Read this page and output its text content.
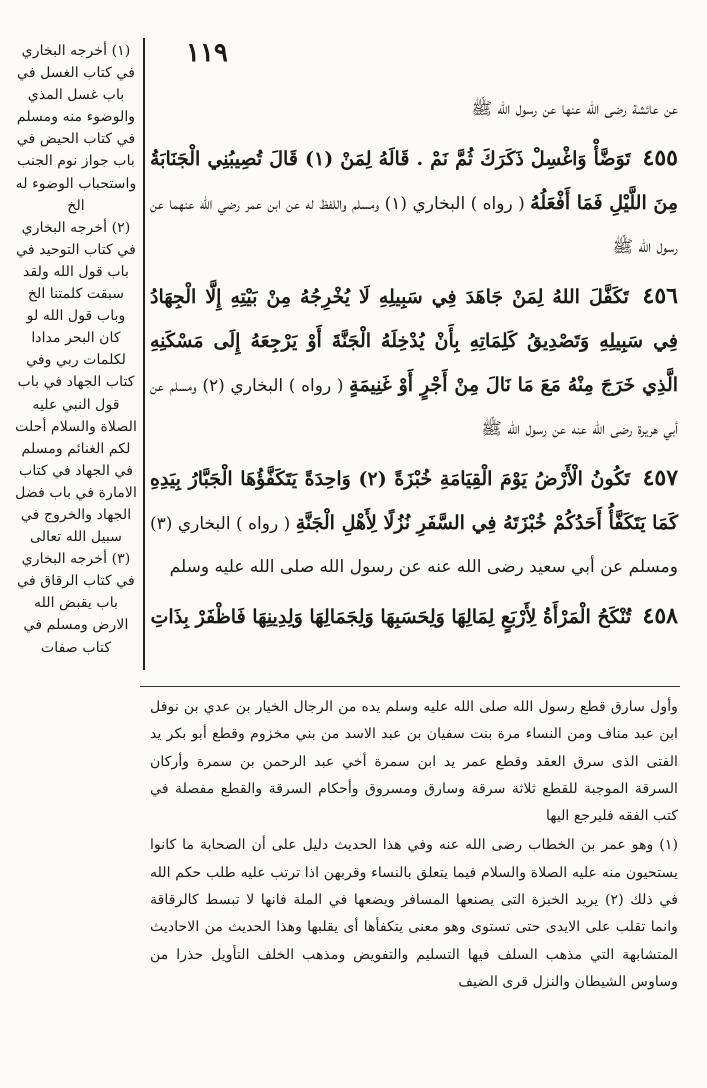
١١٩

(١) أخرجه البخاري في كتاب الغسل في باب غسل المذي والوضوء منه ومسلم في كتاب الحيض في باب جواز نوم الجنب واستحباب الوضوء له الخ

(٢) أخرجه البخاري في كتاب التوحيد في باب قول الله ولقد سبقت كلمتنا الخ وباب قول الله لو كان البحر مدادا لكلمات ربي وفي كتاب الجهاد في باب قول النبي عليه الصلاة والسلام أحلت لكم الغنائم ومسلم في الجهاد في كتاب الامارة في باب فضل الجهاد والخروج في سبيل الله تعالى

(٣) أخرجه البخاري في كتاب الرقاق في باب يقبض الله الارض ومسلم في كتاب صفات

عن عائشة رضى الله عنها عن رسول الله ﷺ

٤٥٥ تَوَضَّأْ وَاغْسِلْ ذَكَرَكَ ثُمَّ نَمْ . قَالَهُ لِمَنْ (١) قَالَ تُصِيبُنِي الْجَنَابَةُ مِنَ اللَّيْلِ فَمَا أَفْعَلُهُ ( رواه ) البخاري (١) ومسلم واللفظ له عن ابن عمر رضي الله عنهما عن رسول الله ﷺ

٤٥٦ تَكَفَّلَ اللهُ لِمَنْ جَاهَدَ فِي سَبِيلِهِ لَا يُخْرِجُهُ مِنْ بَيْتِهِ إِلَّا الْجِهَادُ فِي سَبِيلِهِ وَتَصْدِيقُ كَلِمَاتِهِ بِأَنْ يُدْخِلَهُ الْجَنَّةَ أَوْ يَرْجِعَهُ إِلَى مَسْكَنِهِ الَّذِي خَرَجَ مِنْهُ مَعَ مَا نَالَ مِنْ أَجْرٍ أَوْ غَنِيمَةٍ ( رواه ) البخاري (٢) ومسلم عن أبي هريرة رضى الله عنه عن رسول الله ﷺ

٤٥٧ تَكُونُ الْأَرْضُ يَوْمَ الْقِيَامَةِ خُبْزَةً (٢) وَاحِدَةً يَتَكَفَّؤُهَا الْجَبَّارُ بِيَدِهِ كَمَا يَتَكَفَّأُ أَحَدُكُمْ خُبْزَتَهُ فِي السَّفَرِ نُزُلًا لِأَهْلِ الْجَنَّةِ ( رواه ) البخاري (٣) ومسلم عن أبي سعيد رضى الله عنه عن رسول الله صلى الله عليه وسلم

٤٥٨ تُنْكَحُ الْمَرْأَةُ لِأَرْبَعٍ لِمَالِهَا وَلِحَسَبِهَا وَلِجَمَالِهَا وَلِدِينِهَا فَاظْفَرْ بِذَاتِ

وأول سارق قطع رسول الله صلى الله عليه وسلم يده من الرجال الخيار بن عدي بن نوفل ابن عبد مناف ومن النساء مرة بنت سفيان بن عبد الاسد من بني مخزوم وقطع أبو بكر يد الفتى الذى سرق العقد وقطع عمر يد ابن سمرة أخي عبد الرحمن بن سمرة وأركان السرقة الموجبة للقطع ثلاثة سرقة وسارق ومسروق وأحكام السرقة والقطع مفصلة في كتب الفقه فليرجع اليها

(١) وهو عمر بن الخطاب رضى الله عنه وفي هذا الحديث دليل على أن الصحابة ما كانوا يستحيون منه عليه الصلاة والسلام فيما يتعلق بالنساء وقربهن اذا ترتب عليه طلب حكم الله في ذلك (٢) يريد الخبزة التى يصنعها المسافر ويضعها في الملة فانها لا تبسط كالرقاقة وانما تقلب على الايدى حتى تستوى وهو معنى يتكفأها أى يقلبها وهذا الحديث من الاحاديث المتشابهة التي مذهب السلف فيها التسليم والتفويض ومذهب الخلف التأويل حذرا من وساوس الشيطان والنزل قرى الضيف
